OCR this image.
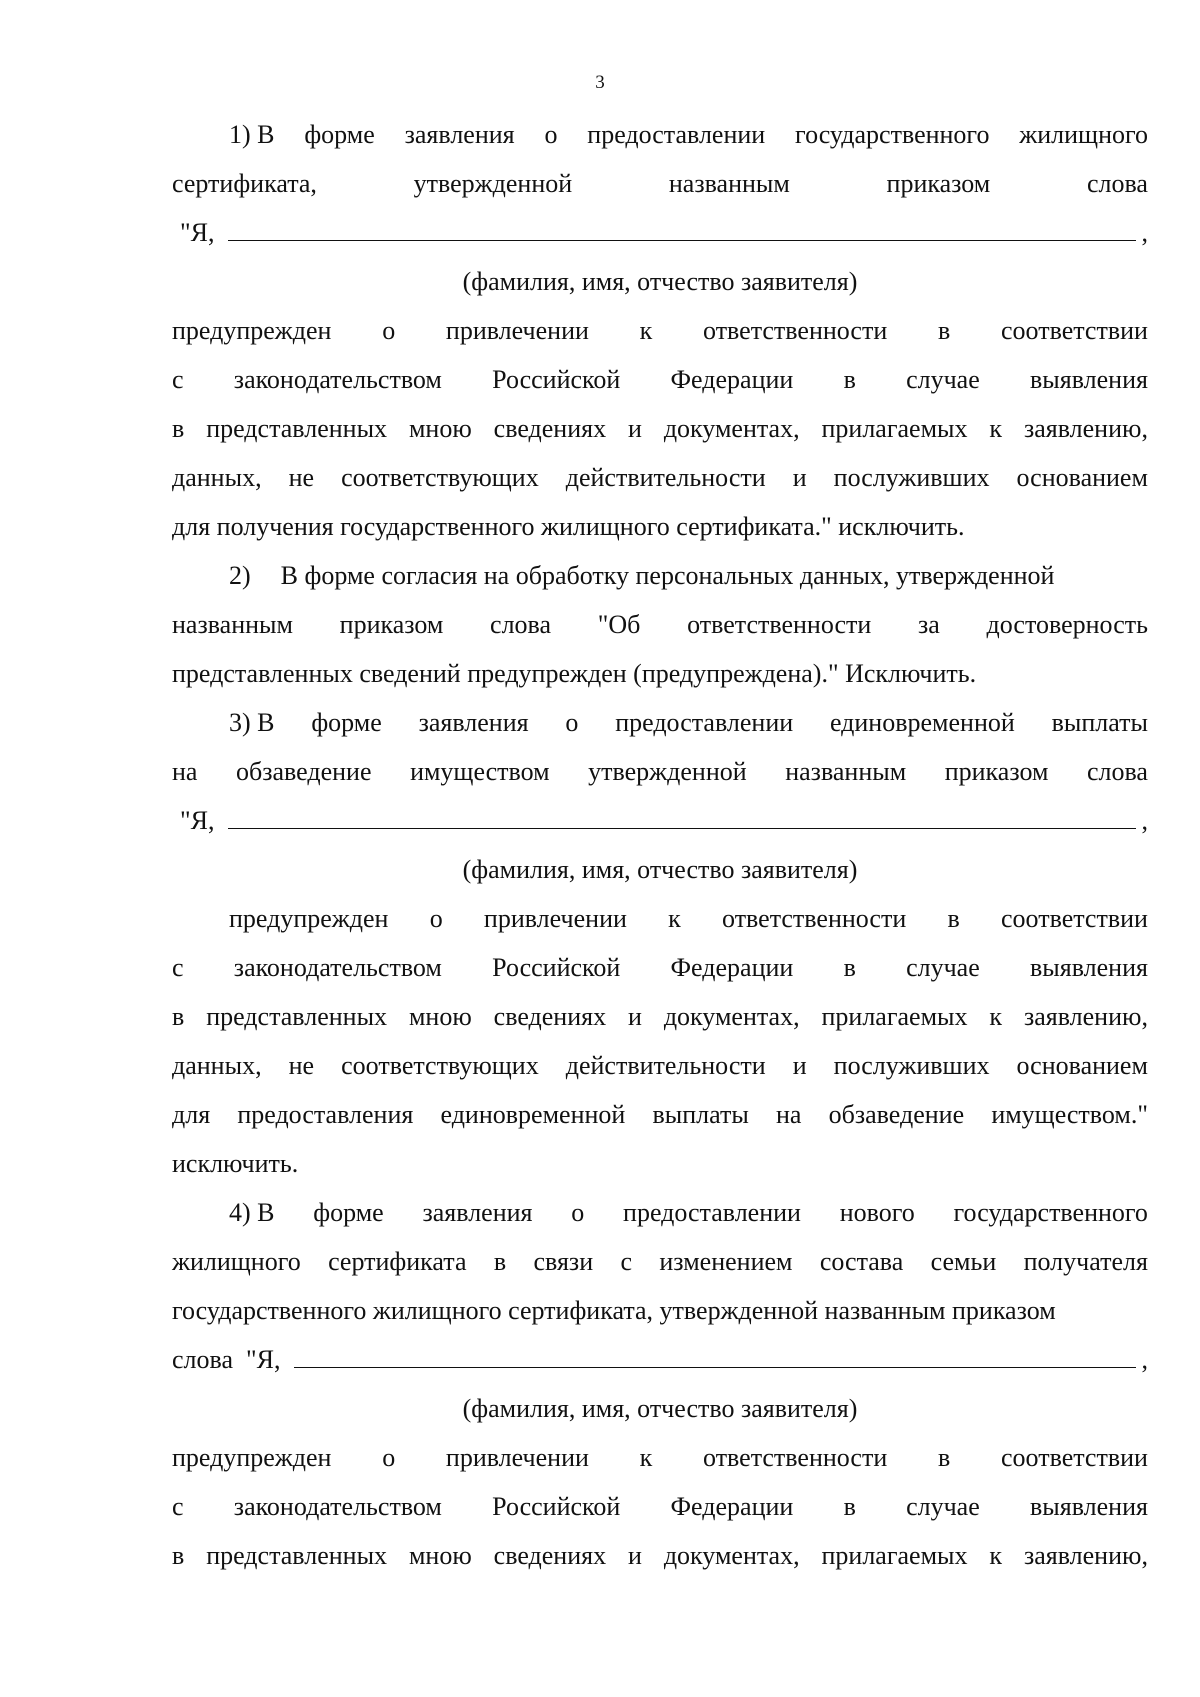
3
1) В форме заявления о предоставлении государственного жилищного
сертификата,	утвержденной	названным	приказом	слова
"Я,	,
(фамилия, имя, отчество заявителя)
предупрежден о привлечении к ответственности в соответствии
с законодательством Российской Федерации в случае выявления
в представленных мною сведениях и документах, прилагаемых к заявлению,
данных, не соответствующих действительности и послуживших основанием
для получения государственного жилищного сертификата." исключить.
2) В форме согласия на обработку персональных данных, утвержденной
названным приказом слова "Об ответственности за достоверность
представленных сведений предупрежден (предупреждена)." Исключить.
3) В форме заявления о предоставлении единовременной выплаты
на обзаведение имуществом утвержденной названным приказом слова
"Я,	,
(фамилия, имя, отчество заявителя)
предупрежден о привлечении к ответственности в соответствии
с законодательством Российской Федерации в случае выявления
в представленных мною сведениях и документах, прилагаемых к заявлению,
данных, не соответствующих действительности и послуживших основанием
для предоставления единовременной выплаты на обзаведение имуществом."
исключить.
4) В форме заявления о предоставлении нового государственного
жилищного сертификата в связи с изменением состава семьи получателя
государственного жилищного сертификата, утвержденной названным приказом
слова  "Я,	,
(фамилия, имя, отчество заявителя)
предупрежден о привлечении к ответственности в соответствии
с законодательством Российской Федерации в случае выявления
в представленных мною сведениях и документах, прилагаемых к заявлению,
